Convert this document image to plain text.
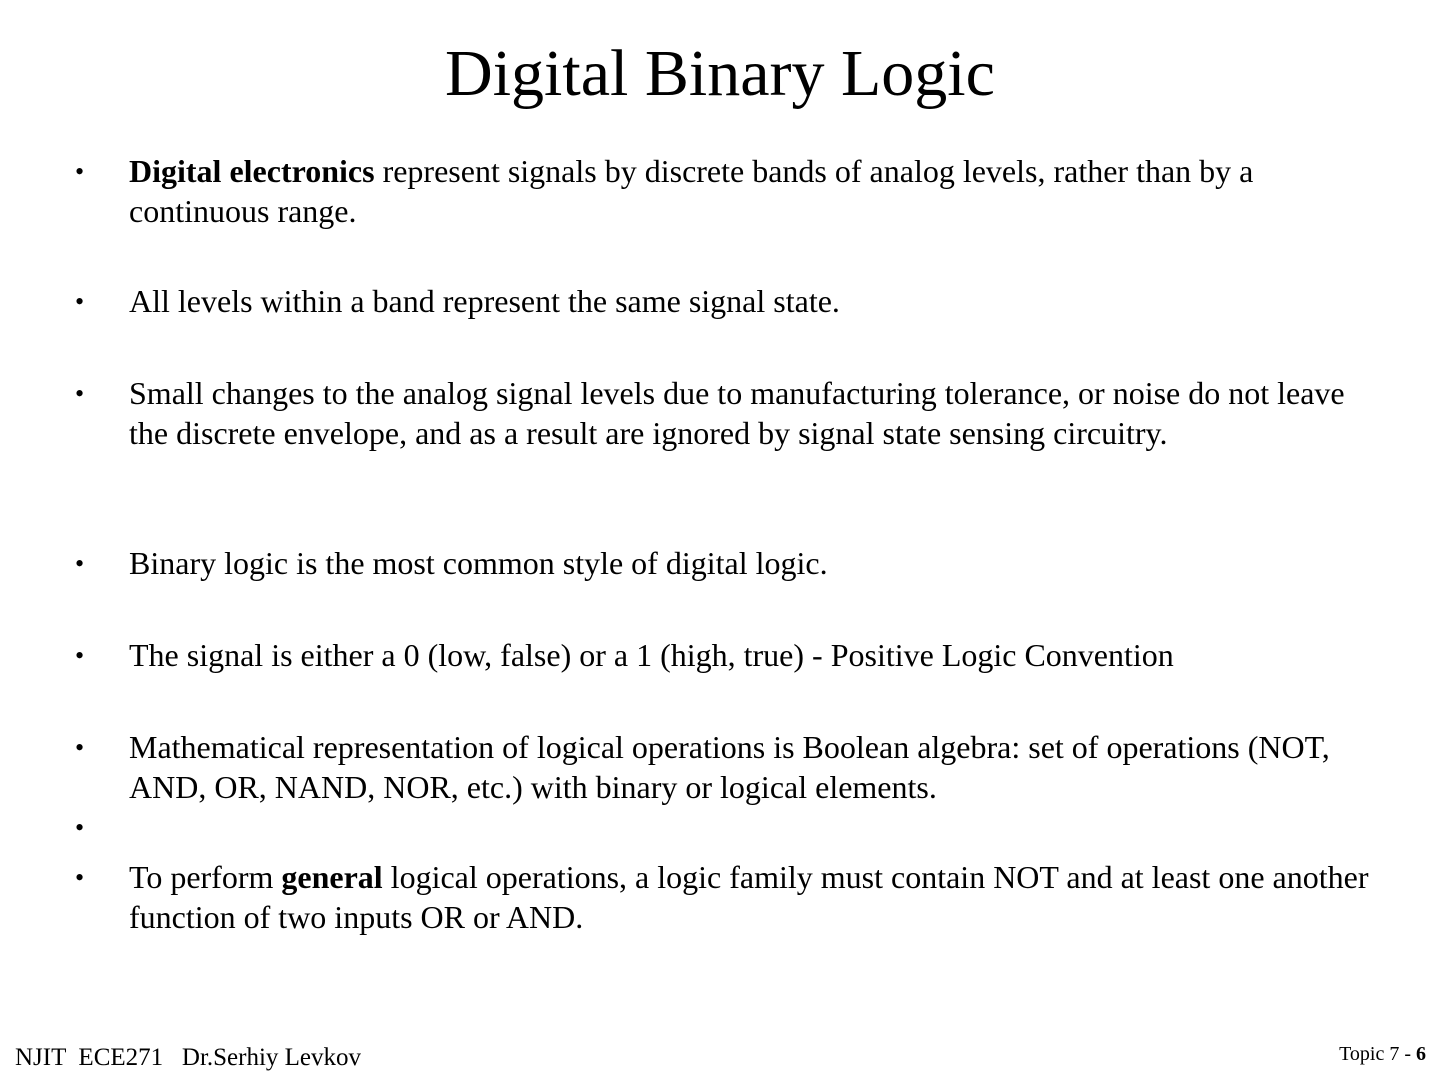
Digital Binary Logic
• Digital electronics represent signals by discrete bands of analog levels, rather than by a continuous range.
• All levels within a band represent the same signal state.
• Small changes to the analog signal levels due to manufacturing tolerance, or noise do not leave the discrete envelope, and as a result are ignored by signal state sensing circuitry.
• Binary logic is the most common style of digital logic.
• The signal is either a 0 (low, false) or a 1 (high, true) - Positive Logic Convention
• Mathematical representation of logical operations is Boolean algebra: set of operations (NOT, AND, OR, NAND, NOR, etc.) with binary or logical elements.
•
• To perform general logical operations, a logic family must contain NOT and at least one another function of two inputs OR or AND.
NJIT  ECE271   Dr.Serhiy Levkov	Topic 7 - 6
